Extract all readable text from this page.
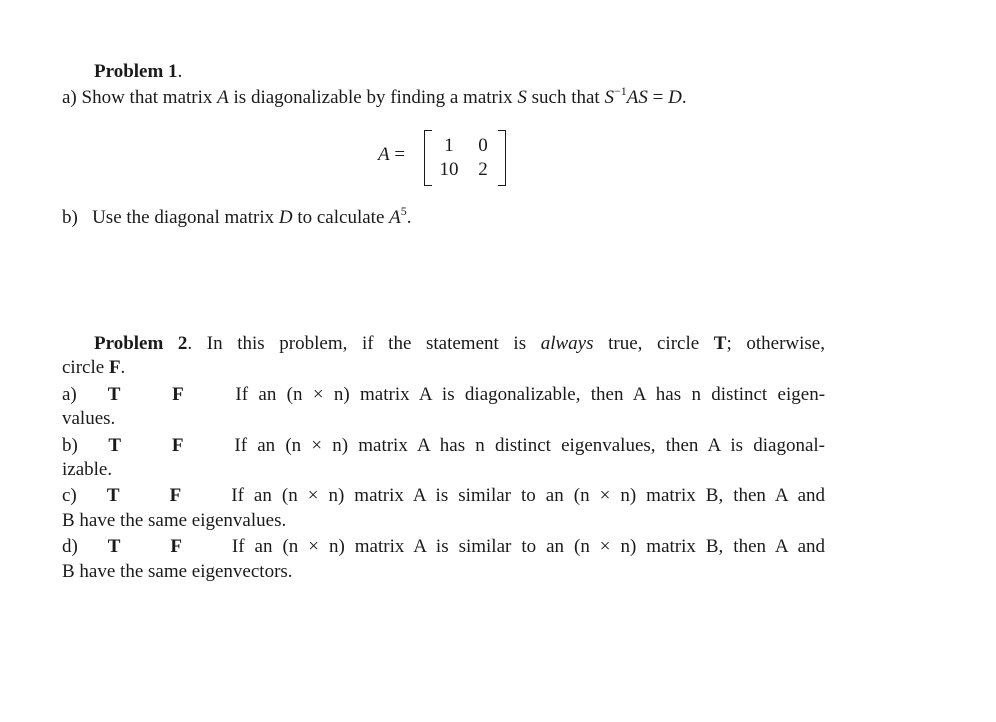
Problem 1.
a) Show that matrix A is diagonalizable by finding a matrix S such that $S^{-1}AS = D$.
A =	1	0
10	2
b) Use the diagonal matrix D to calculate $A^5$.
Problem 2. In this problem, if the statement is always true, circle T; otherwise,
circle F.
a) T	F	If an (n × n) matrix A is diagonalizable, then A has n distinct eigen-
values.
b) T	F	If an (n × n) matrix A has n distinct eigenvalues, then A is diagonal-
izable.
c) T	F	If an (n × n) matrix A is similar to an (n × n) matrix B, then A and
B have the same eigenvalues.
d) T	F	If an (n × n) matrix A is similar to an (n × n) matrix B, then A and
B have the same eigenvectors.
